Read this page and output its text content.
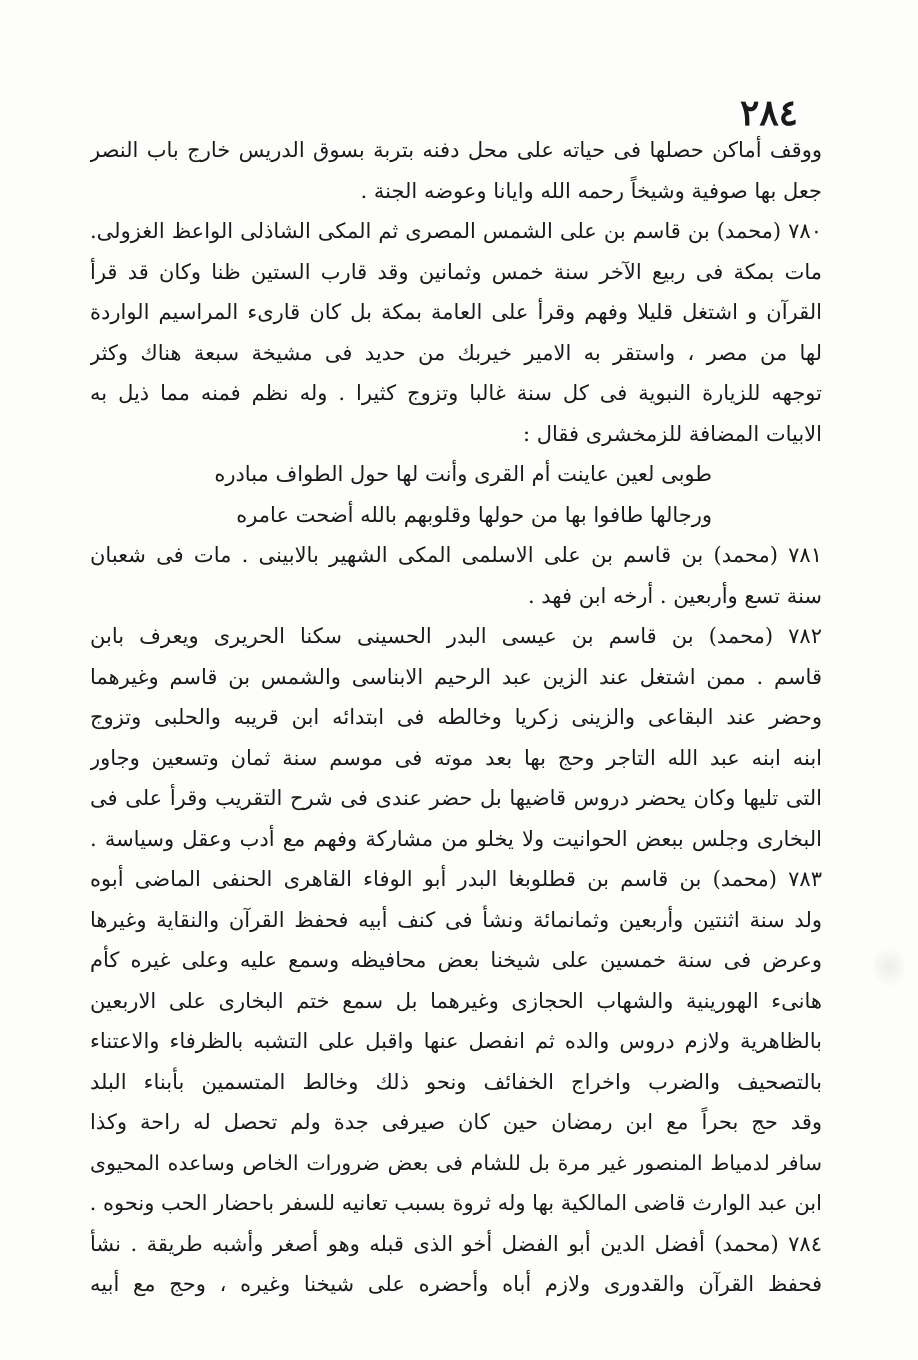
٢٨٤
ووقف أماكن حصلها فى حياته على محل دفنه بتربة بسوق الدريس خارج باب النصر
جعل بها صوفية وشيخاً رحمه الله وايانا وعوضه الجنة .
٧٨٠ (محمد) بن قاسم بن على الشمس المصرى ثم المكى الشاذلى الواعظ الغزولى.
مات بمكة فى ربيع الآخر سنة خمس وثمانين وقد قارب الستين ظنا وكان قد قرأ
القرآن و اشتغل قليلا وفهم وقرأ على العامة بمكة بل كان قارىء المراسيم الواردة
لها من مصر ، واستقر به الامير خيربك من حديد فى مشيخة سبعة هناك وكثر
توجهه للزيارة النبوية فى كل سنة غالبا وتزوج كثيرا . وله نظم فمنه مما ذيل به
الابيات المضافة للزمخشرى فقال :
طوبى لعين عاينت أم القرى وأنت لها حول الطواف مبادره
ورجالها طافوا بها من حولها وقلوبهم بالله أضحت عامره
٧٨١ (محمد) بن قاسم بن على الاسلمى المكى الشهير بالابينى . مات فى شعبان
سنة تسع وأربعين . أرخه ابن فهد .
٧٨٢ (محمد) بن قاسم بن عيسى البدر الحسينى سكنا الحريرى ويعرف بابن
قاسم . ممن اشتغل عند الزين عبد الرحيم الابناسى والشمس بن قاسم وغيرهما
وحضر عند البقاعى والزينى زكريا وخالطه فى ابتدائه ابن قريبه والحلبى وتزوج
ابنه ابنه عبد الله التاجر وحج بها بعد موته فى موسم سنة ثمان وتسعين وجاور
التى تليها وكان يحضر دروس قاضيها بل حضر عندى فى شرح التقريب وقرأ على فى
البخارى وجلس ببعض الحوانيت ولا يخلو من مشاركة وفهم مع أدب وعقل وسياسة .
٧٨٣ (محمد) بن قاسم بن قطلوبغا البدر أبو الوفاء القاهرى الحنفى الماضى أبوه
ولد سنة اثنتين وأربعين وثمانمائة ونشأ فى كنف أبيه فحفظ القرآن والنقاية وغيرها
وعرض فى سنة خمسين على شيخنا بعض محافيظه وسمع عليه وعلى غيره كأم
هانىء الهورينية والشهاب الحجازى وغيرهما بل سمع ختم البخارى على الاربعين
بالظاهرية ولازم دروس والده ثم انفصل عنها واقبل على التشبه بالظرفاء والاعتناء
بالتصحيف والضرب واخراج الخفائف ونحو ذلك وخالط المتسمين بأبناء البلد
وقد حج بحراً مع ابن رمضان حين كان صيرفى جدة ولم تحصل له راحة وكذا
سافر لدمياط المنصور غير مرة بل للشام فى بعض ضرورات الخاص وساعده المحيوى
ابن عبد الوارث قاضى المالكية بها وله ثروة بسبب تعانيه للسفر باحضار الحب ونحوه .
٧٨٤ (محمد) أفضل الدين أبو الفضل أخو الذى قبله وهو أصغر وأشبه طريقة . نشأ
فحفظ القرآن والقدورى ولازم أباه وأحضره على شيخنا وغيره ، وحج مع أبيه
